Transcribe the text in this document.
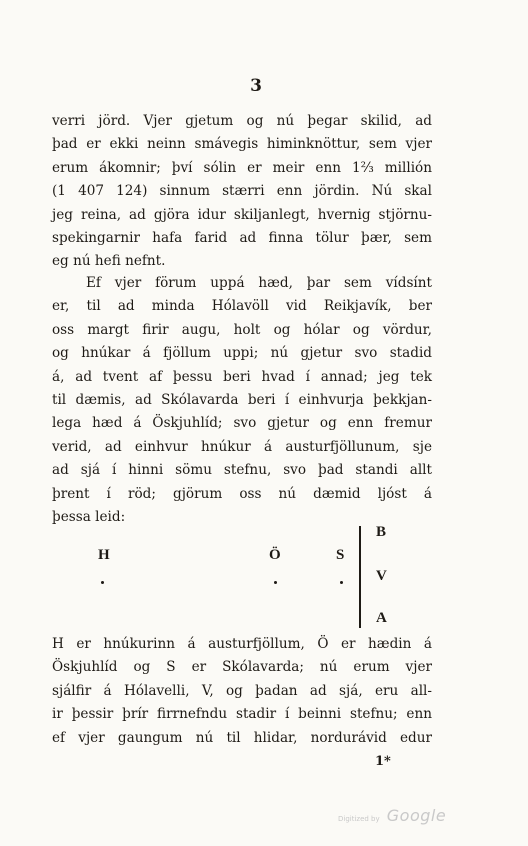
3
verri jörd. Vjer gjetum og nú þegar skilid, ad
þad er ekki neinn smávegis himinknöttur, sem vjer
erum ákomnir; því sólin er meir enn 1⅔ millión
(1 407 124) sinnum stærri enn jördin. Nú skal
jeg reina, ad gjöra idur skiljanlegt, hvernig stjörnu-
spekingarnir hafa farid ad finna tölur þær, sem
eg nú hefi nefnt.
Ef vjer förum uppá hæd, þar sem vídsínt
er, til ad minda Hólavöll vid Reikjavík, ber
oss margt firir augu, holt og hólar og vördur,
og hnúkar á fjöllum uppi; nú gjetur svo stadid
á, ad tvent af þessu beri hvad í annad; jeg tek
til dæmis, ad Skólavarda beri í einhvurja þekkjan-
lega hæd á Öskjuhlíd; svo gjetur og enn fremur
verid, ad einhvur hnúkur á austurfjöllunum, sje
ad sjá í hinni sömu stefnu, svo þad standi allt
þrent í röd; gjörum oss nú dæmid ljóst á
þessa leid:
H	Ö	S
B
V
A
H er hnúkurinn á austurfjöllum, Ö er hædin á
Öskjuhlíd og S er Skólavarda; nú erum vjer
sjálfir á Hólavelli, V, og þadan ad sjá, eru all-
ir þessir þrír firrnefndu stadir í beinni stefnu; enn
ef vjer gaungum nú til hlidar, nordurávid edur
1*
Digitized by Google
